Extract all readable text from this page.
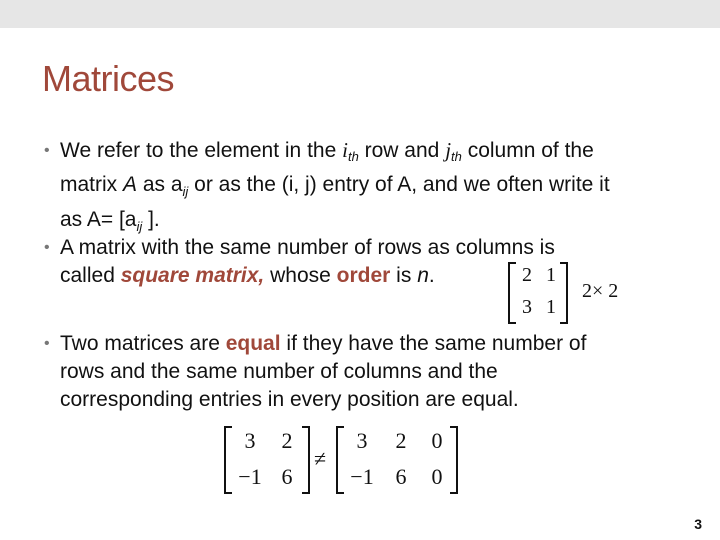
Matrices
• We refer to the element in the ith row and jth column of the
matrix A as $a_{ij}$ or as the (i, j) entry of A, and we often write it
as $A= [a_{ij}$ ].
• A matrix with the same number of rows as columns is
called square matrix, whose order is n.	2 1
3 1
2× 2
• Two matrices are equal if they have the same number of
rows and the same number of columns and the
corresponding entries in every position are equal.
3	2
−1 6
≠
3	2	0
−1 6	0
3
